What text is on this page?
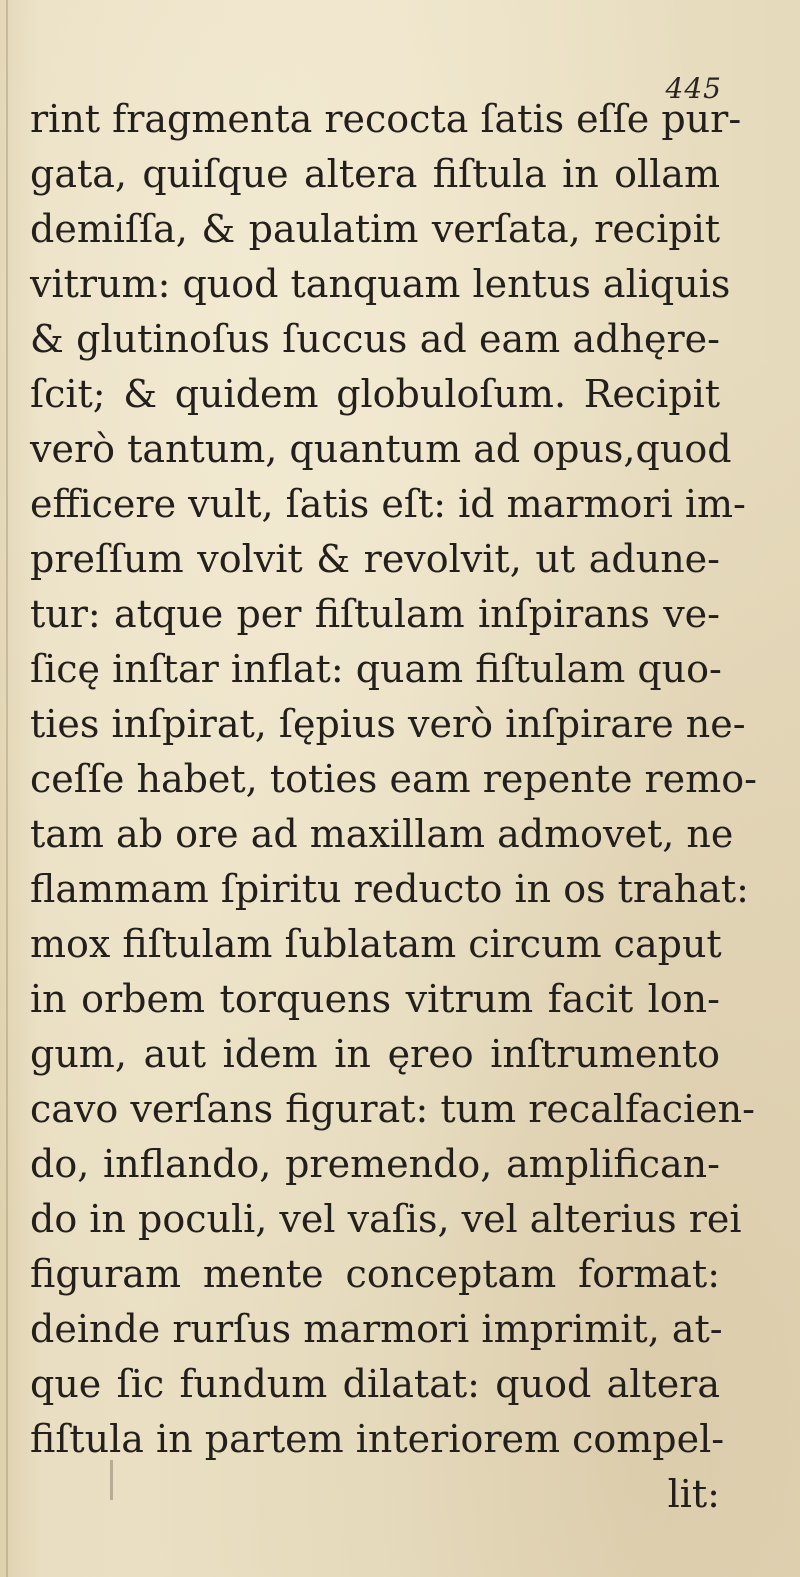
445
rint fragmenta recocta ſatis eſſe pur-
gata, quiſque altera fiſtula in ollam
demiſſa, & paulatim verſata, recipit
vitrum: quod tanquam lentus aliquis
& glutinoſus ſuccus ad eam adhęre-
ſcit; & quidem globuloſum. Recipit
verò tantum, quantum ad opus,quod
efficere vult, ſatis eſt: id marmori im-
preſſum volvit & revolvit, ut adune-
tur: atque per fiſtulam inſpirans ve-
ſicę inſtar inflat: quam fiſtulam quo-
ties inſpirat, ſępius verò inſpirare ne-
ceſſe habet, toties eam repente remo-
tam ab ore ad maxillam admovet, ne
flammam ſpiritu reducto in os trahat:
mox fiſtulam ſublatam circum caput
in orbem torquens vitrum facit lon-
gum, aut idem in ęreo inſtrumento
cavo verſans figurat: tum recalfacien-
do, inflando, premendo, amplifican-
do in poculi, vel vaſis, vel alterius rei
figuram mente conceptam format:
deinde rurſus marmori imprimit, at-
que ſic fundum dilatat: quod altera
fiſtula in partem interiorem compel-
lit:
